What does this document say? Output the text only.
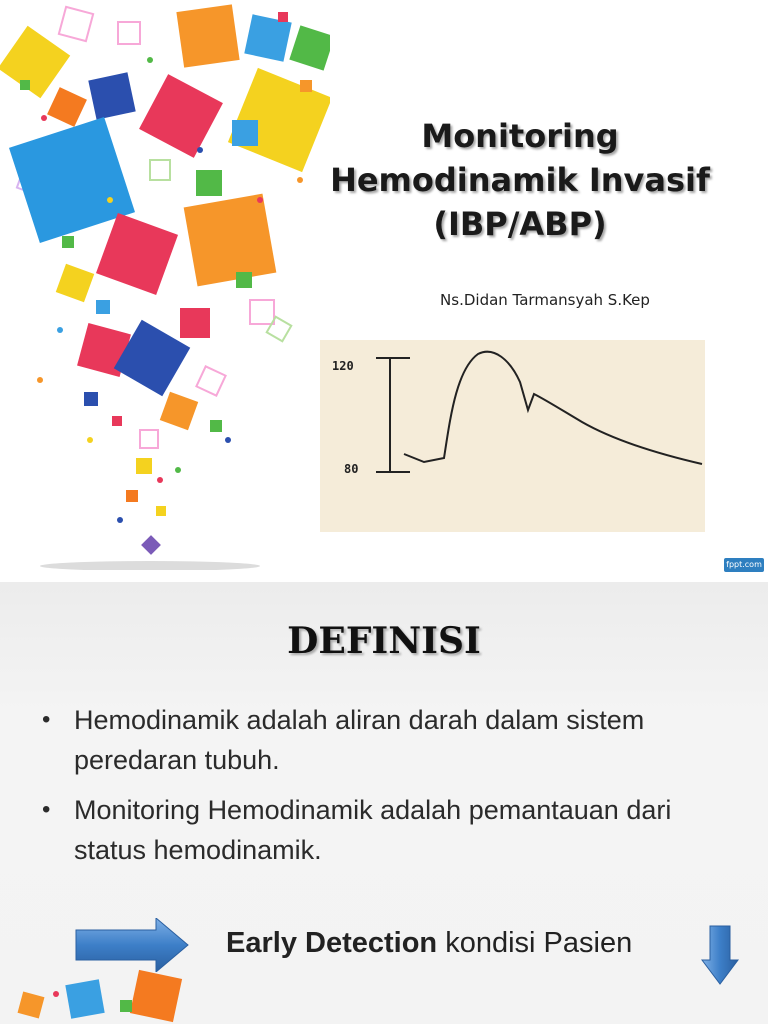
Monitoring
Hemodinamik Invasif
(IBP/ABP)
Ns.Didan Tarmansyah S.Kep
120
80
fppt.com
DEFINISI
• Hemodinamik adalah aliran darah dalam sistem peredaran tubuh.
• Monitoring Hemodinamik adalah pemantauan dari status hemodinamik.
Early Detection kondisi Pasien
